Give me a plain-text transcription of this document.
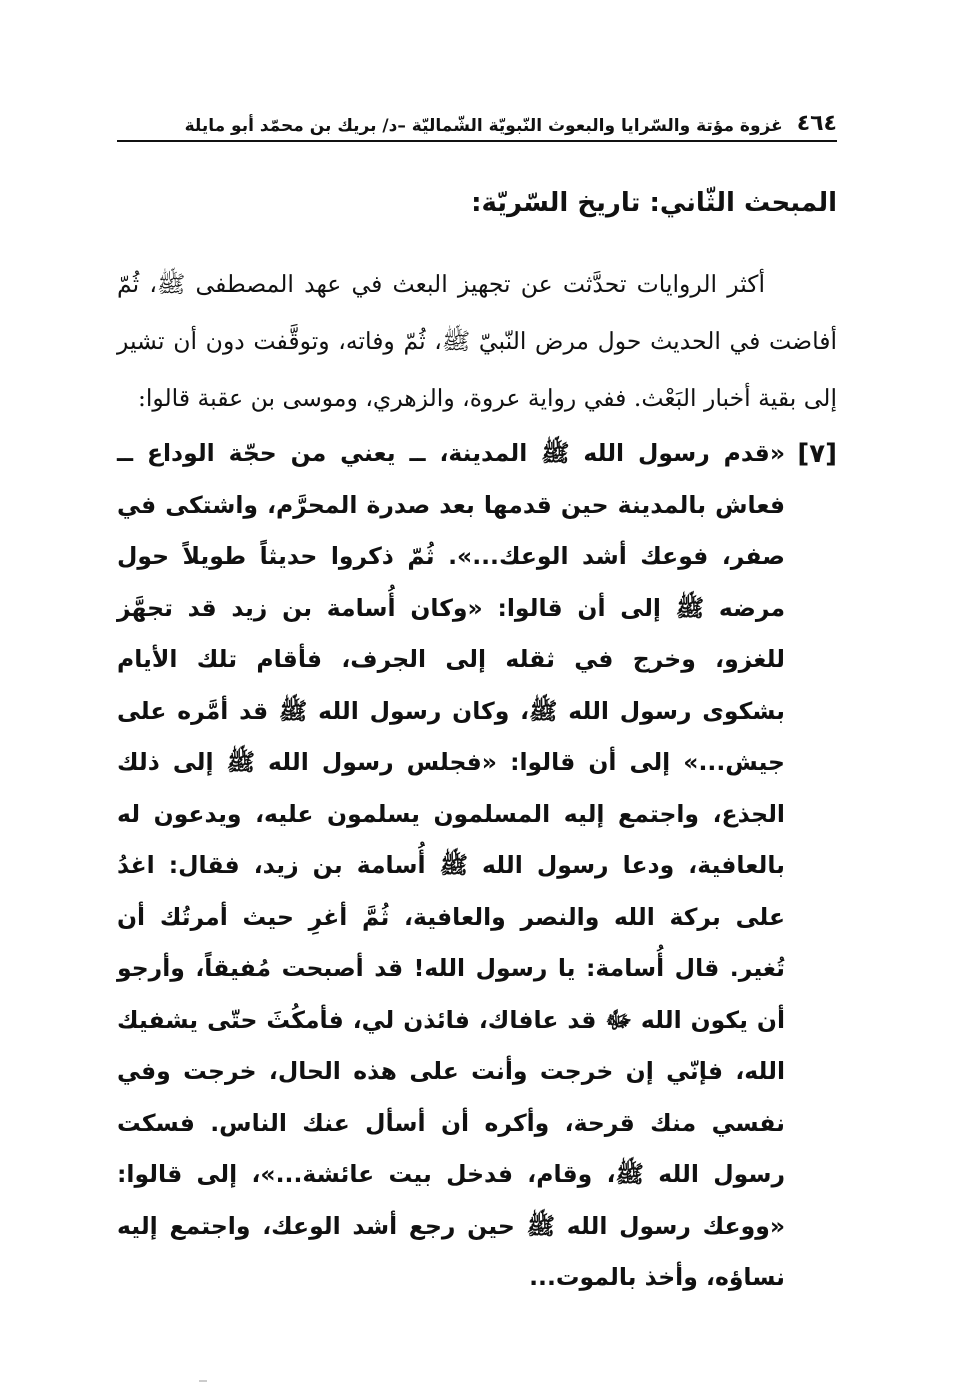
٤٦٤
غزوة مؤتة والسّرايا والبعوث النّبويّة الشّماليّة –د/ بريك بن محمّد أبو مايلة
المبحث الثّاني: تاريخ السّريّة:

أكثر الروايات تحدَّثت عن تجهيز البعث في عهد المصطفى ﷺ، ثُمّ أفاضت في الحديث حول مرض النّبيّ ﷺ، ثُمّ وفاته، وتوقَّفت دون أن تشير إلى بقية أخبار البَعْث. ففي رواية عروة، والزهري، وموسى بن عقبة قالوا:

[٧]

«قدم رسول الله ﷺ المدينة، ــ يعني من حجّة الوداع ــ فعاش بالمدينة حين قدمها بعد صدرة المحرَّم، واشتكى في صفر، فوعك أشد الوعك...». ثُمّ ذكروا حديثاً طويلاً حول مرضه ﷺ إلى أن قالوا: «وكان أُسامة بن زيد قد تجهَّز للغزو، وخرج في ثقله إلى الجرف، فأقام تلك الأيام بشكوى رسول الله ﷺ، وكان رسول الله ﷺ قد أمَّره على جيش...» إلى أن قالوا: «فجلس رسول الله ﷺ إلى ذلك الجذع، واجتمع إليه المسلمون يسلمون عليه، ويدعون له بالعافية، ودعا رسول الله ﷺ أُسامة بن زيد، فقال: اغدُ على بركة الله والنصر والعافية، ثُمَّ أغرِ حيث أمرتُك أن تُغير. قال أُسامة: يا رسول الله! قد أصبحت مُفيقاً، وأرجو أن يكون الله ﷻ قد عافاك، فائذن لي، فأمكُثَ حتّى يشفيك الله، فإنّي إن خرجت وأنت على هذه الحال، خرجت وفي نفسي منك قرحة، وأكره أن أسأل عنك الناس. فسكت رسول الله ﷺ، وقام، فدخل بيت عائشة...»، إلى قالوا: «ووعك رسول الله ﷺ حين رجع أشد الوعك، واجتمع إليه نساؤه، وأخذ بالموت...
